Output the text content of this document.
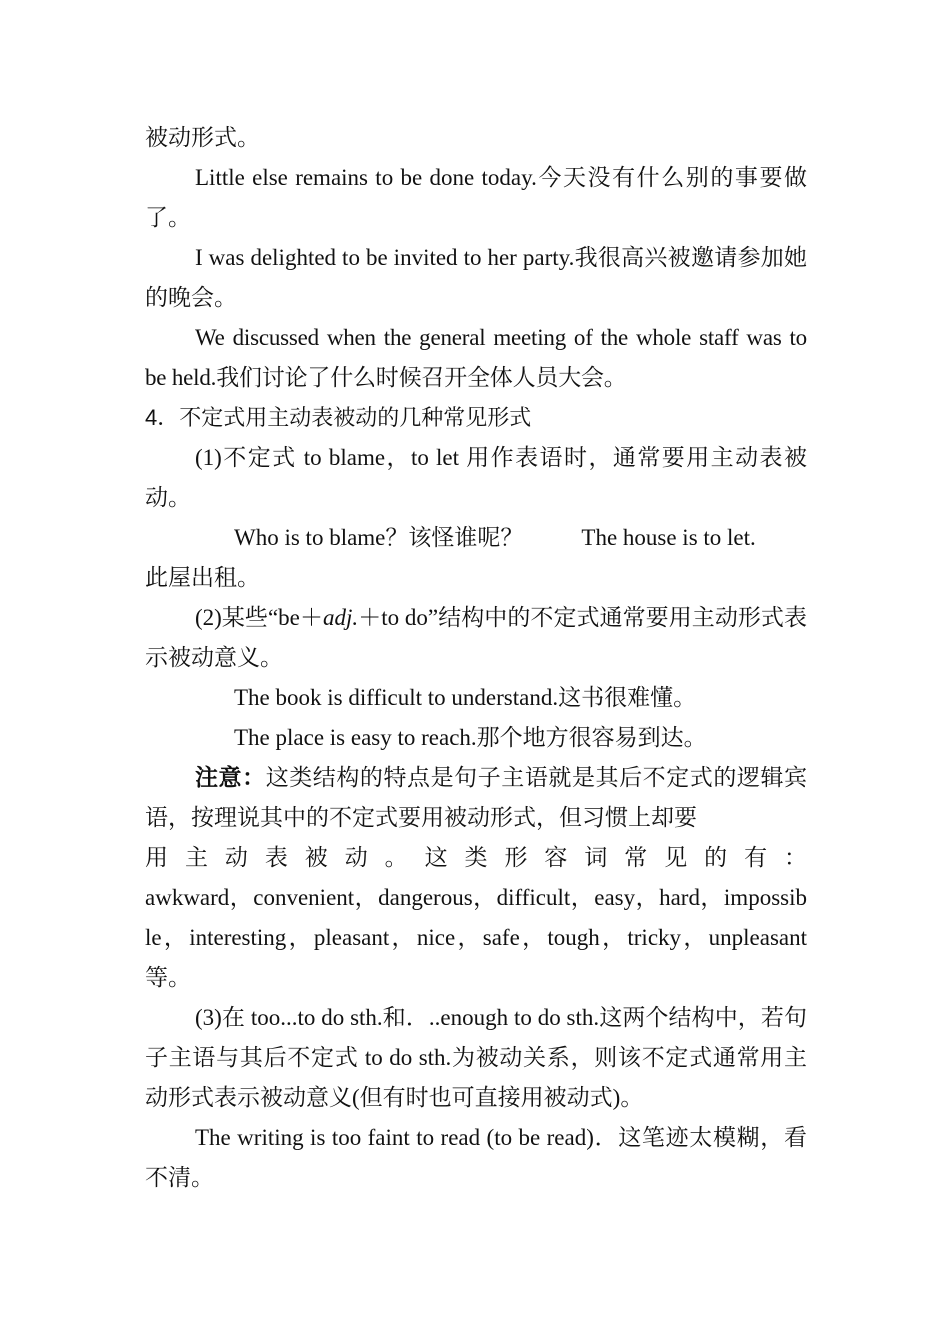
被动形式。

Little else remains to be done today.今天没有什么别的事要做了。

I was delighted to be invited to her party.我很高兴被邀请参加她的晚会。

We discussed when the general meeting of the whole staff was to be held.我们讨论了什么时候召开全体人员大会。

4．不定式用主动表被动的几种常见形式

(1)不定式 to blame，to let 用作表语时，通常要用主动表被动。

Who is to blame？该怪谁呢？	The house is to let.

此屋出租。

(2)某些“be＋adj.＋to do”结构中的不定式通常要用主动形式表示被动意义。

The book is difficult to understand.这书很难懂。

The place is easy to reach.那个地方很容易到达。

注意：这类结构的特点是句子主语就是其后不定式的逻辑宾语，按理说其中的不定式要用被动形式，但习惯上却要

用 主 动 表 被 动 。 这 类 形 容 词 常 见 的 有 ：

awkward，convenient，dangerous，difficult，easy，hard，impossible，interesting，pleasant，nice，safe，tough，tricky，unpleasant等。

(3)在 too...to do sth.和．..enough to do sth.这两个结构中，若句子主语与其后不定式 to do sth.为被动关系，则该不定式通常用主动形式表示被动意义(但有时也可直接用被动式)。

The writing is too faint to read (to be read)．这笔迹太模糊，看不清。
